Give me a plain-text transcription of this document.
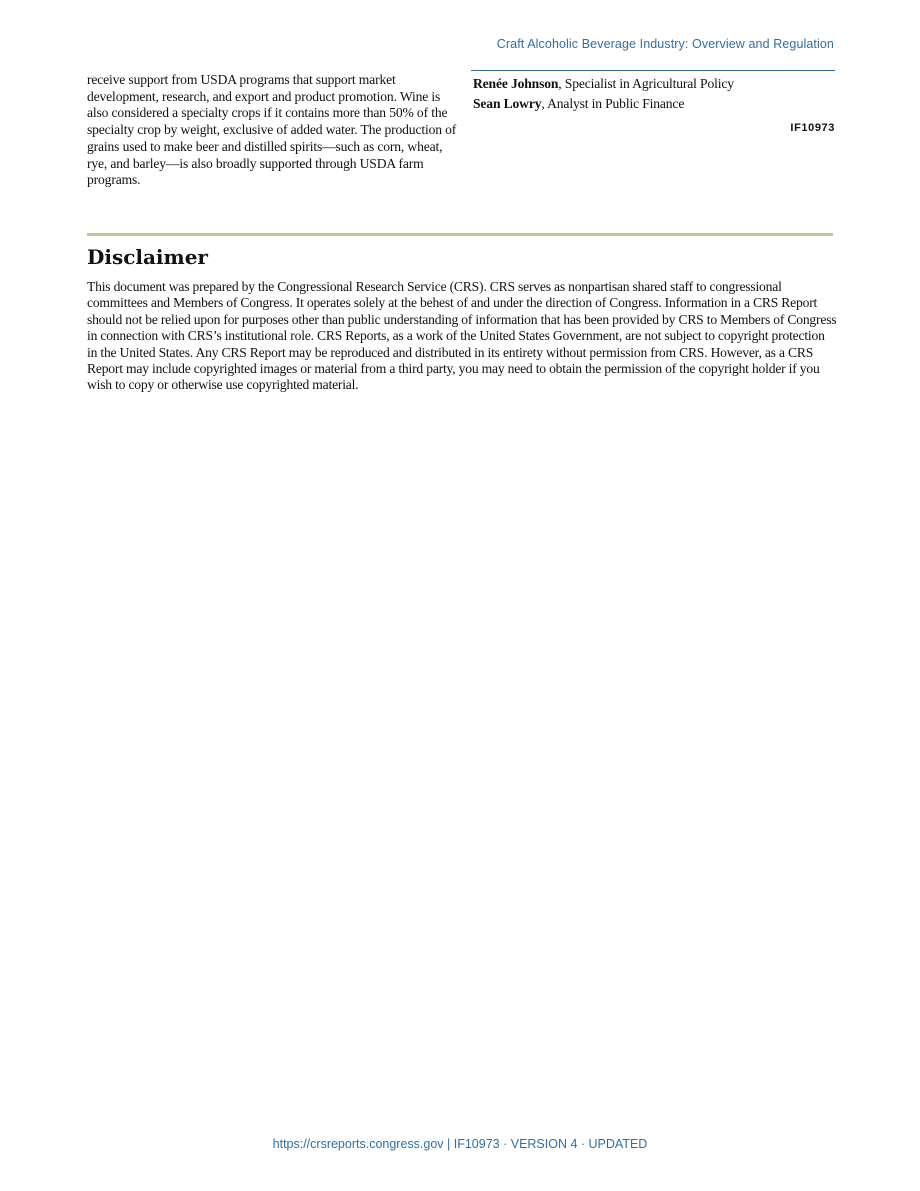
Craft Alcoholic Beverage Industry: Overview and Regulation

receive support from USDA programs that support market development, research, and export and product promotion. Wine is also considered a specialty crops if it contains more than 50% of the specialty crop by weight, exclusive of added water. The production of grains used to make beer and distilled spirits—such as corn, wheat, rye, and barley—is also broadly supported through USDA farm programs.

Renée Johnson, Specialist in Agricultural Policy
Sean Lowry, Analyst in Public Finance
IF10973
Disclaimer

This document was prepared by the Congressional Research Service (CRS). CRS serves as nonpartisan shared staff to congressional committees and Members of Congress. It operates solely at the behest of and under the direction of Congress. Information in a CRS Report should not be relied upon for purposes other than public understanding of information that has been provided by CRS to Members of Congress in connection with CRS’s institutional role. CRS Reports, as a work of the United States Government, are not subject to copyright protection in the United States. Any CRS Report may be reproduced and distributed in its entirety without permission from CRS. However, as a CRS Report may include copyrighted images or material from a third party, you may need to obtain the permission of the copyright holder if you wish to copy or otherwise use copyrighted material.

https://crsreports.congress.gov | IF10973 · VERSION 4 · UPDATED
